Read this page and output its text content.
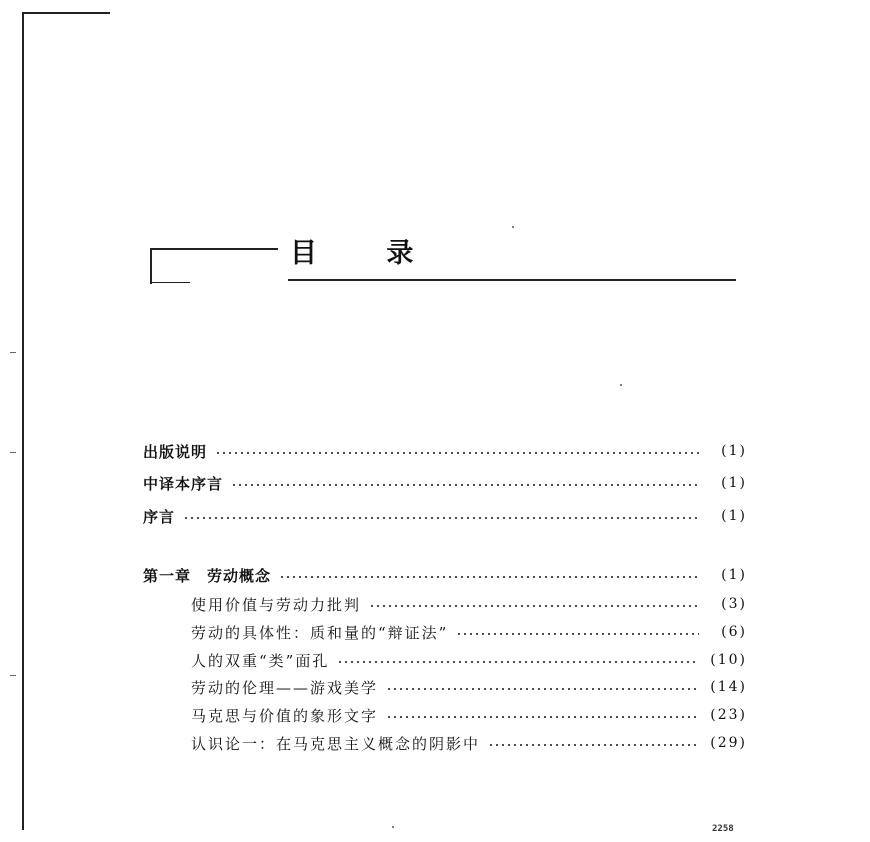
目 录
出版说明	(1)
中译本序言	(1)
序言	(1)
第一章　劳动概念	(1)
使用价值与劳动力批判	(3)
劳动的具体性：质和量的“辩证法”	(6)
人的双重“类”面孔	(10)
劳动的伦理——游戏美学	(14)
马克思与价值的象形文字	(23)
认识论一：在马克思主义概念的阴影中	(29)
2258
